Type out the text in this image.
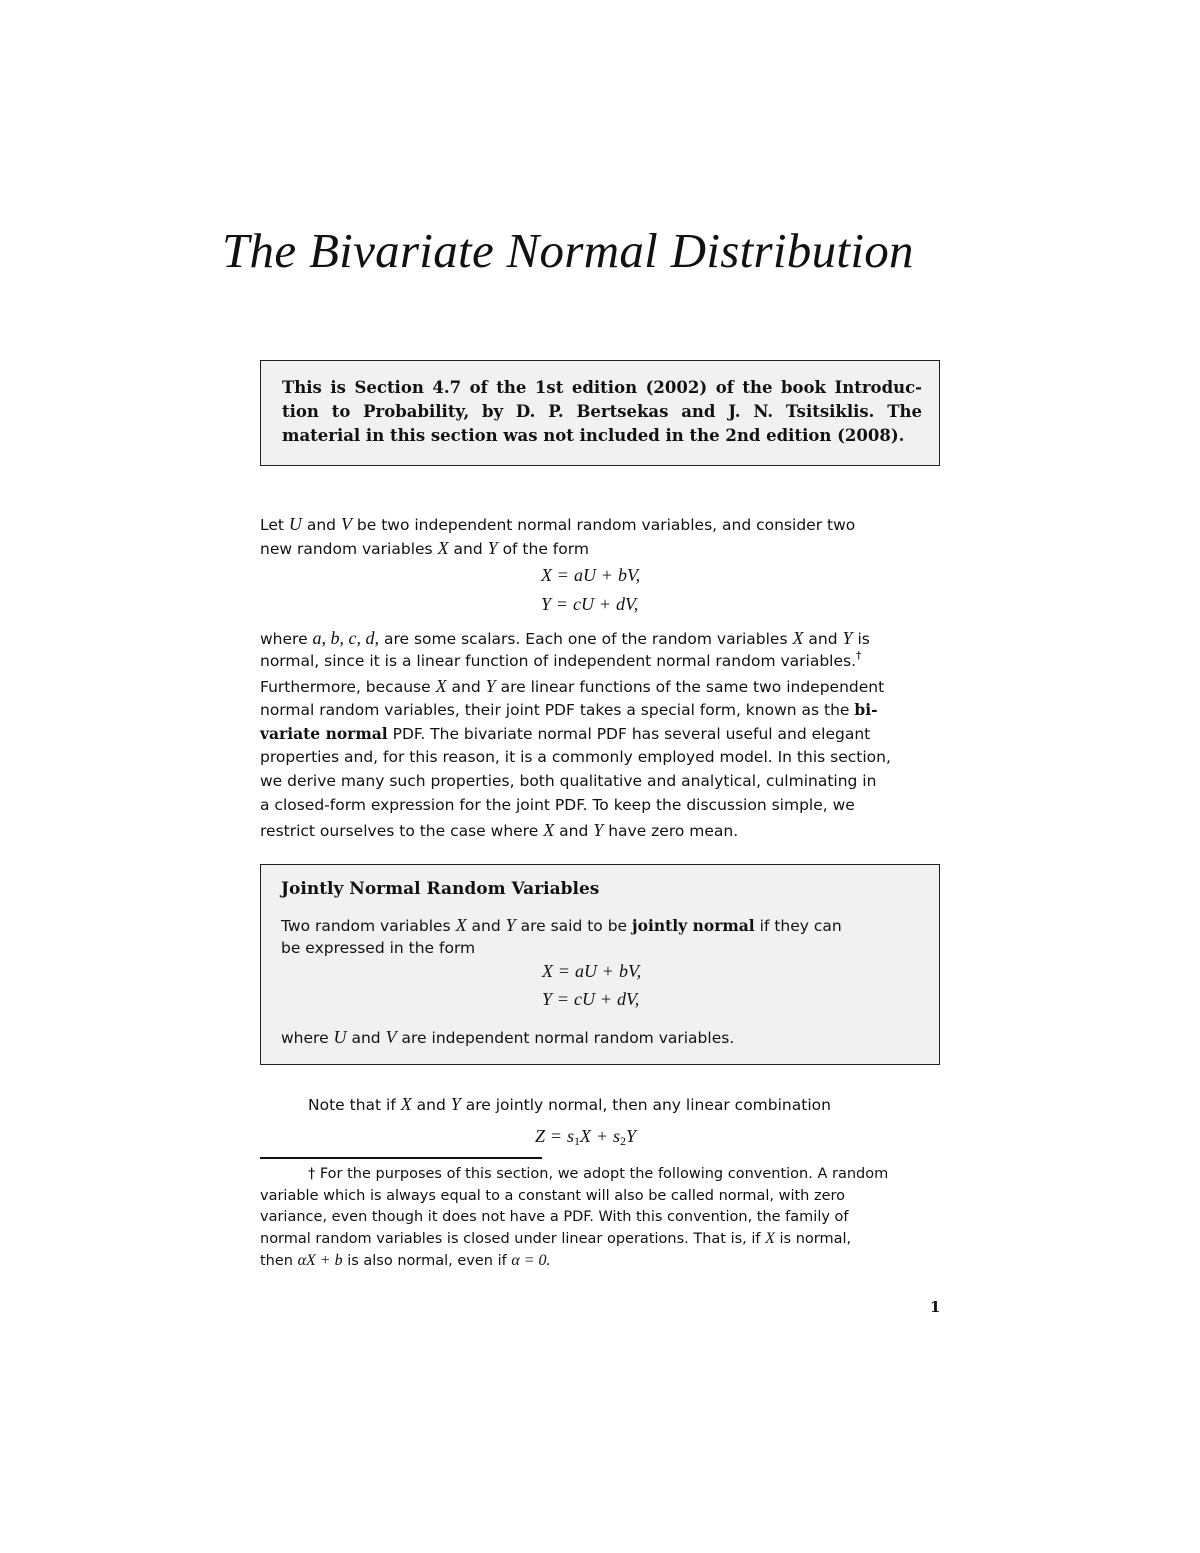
The Bivariate Normal Distribution
This is Section 4.7 of the 1st edition (2002) of the book Introduc-
tion to Probability, by D. P. Bertsekas and J. N. Tsitsiklis. The
material in this section was not included in the 2nd edition (2008).
Let U and V be two independent normal random variables, and consider two
new random variables X and Y of the form
X = aU + bV,
Y = cU + dV,
where a, b, c, d, are some scalars. Each one of the random variables X and Y is
normal, since it is a linear function of independent normal random variables.†
Furthermore, because X and Y are linear functions of the same two independent
normal random variables, their joint PDF takes a special form, known as the bi-
variate normal PDF. The bivariate normal PDF has several useful and elegant
properties and, for this reason, it is a commonly employed model. In this section,
we derive many such properties, both qualitative and analytical, culminating in
a closed-form expression for the joint PDF. To keep the discussion simple, we
restrict ourselves to the case where X and Y have zero mean.
Jointly Normal Random Variables
Two random variables X and Y are said to be jointly normal if they can
be expressed in the form
X = aU + bV,
Y = cU + dV,
where U and V are independent normal random variables.
Note that if X and Y are jointly normal, then any linear combination
$Z = s_1X + s_2Y$
† For the purposes of this section, we adopt the following convention. A random
variable which is always equal to a constant will also be called normal, with zero
variance, even though it does not have a PDF. With this convention, the family of
normal random variables is closed under linear operations. That is, if X is normal,
then αX + b is also normal, even if α = 0.
1
